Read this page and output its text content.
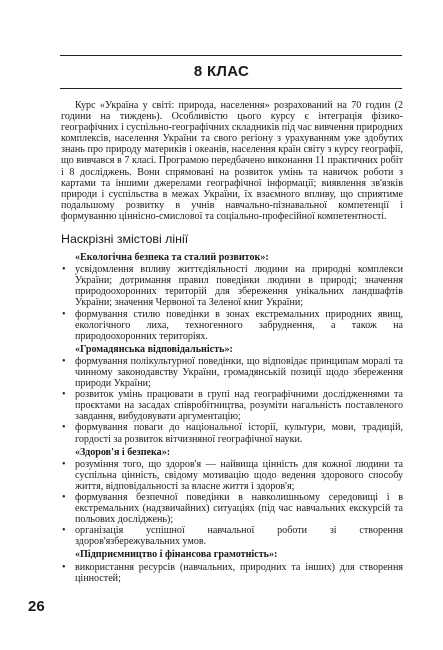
8 КЛАС

Курс «Україна у світі: природа, населення» розрахований на 70 годин (2 години на тиждень). Особливістю цього курсу є інтеграція фізико-географічних і суспільно-географічних складників під час вивчення природних комплексів, населення України та свого регіону з урахуванням уже здобутих знань про природу материків і океанів, населення країн світу з курсу географії, що вивчався в 7 класі. Програмою передбачено виконання 11 практичних робіт і 8 досліджень. Вони спрямовані на розвиток умінь та навичок роботи з картами та іншими джерелами географічної інформації; виявлення зв'язків природи і суспільства в межах України, їх взаємного впливу, що сприятиме подальшому розвитку в учнів навчально-пізнавальної компетенції і формуванню ціннісно-смислової та соціально-професійної компетентності.

Наскрізні змістові лінії
«Екологічна безпека та сталий розвиток»:
• усвідомлення впливу життєдіяльності людини на природні комплекси України; дотримання правил поведінки людини в природі; значення природоохоронних територій для збереження унікальних ландшафтів України; значення Червоної та Зеленої книг України;
• формування стилю поведінки в зонах екстремальних природних явищ, екологічного лиха, техногенного забруднення, а також на природоохоронних територіях.
«Громадянська відповідальність»:
• формування полікультурної поведінки, що відповідає принципам моралі та чинному законодавству України, громадянській позиції щодо збереження природи України;
• розвиток умінь працювати в групі над географічними дослідженнями та проєктами на засадах співробітництва, розуміти нагальність поставленого завдання, вибудовувати аргументацію;
• формування поваги до національної історії, культури, мови, традицій, гордості за розвиток вітчизняної географічної науки.
«Здоров'я і безпека»:
• розуміння того, що здоров'я — найвища цінність для кожної людини та суспільна цінність, свідому мотивацію щодо ведення здорового способу життя, відповідальності за власне життя і здоров'я;
• формування безпечної поведінки в навколишньому середовищі і в екстремальних (надзвичайних) ситуаціях (під час навчальних екскурсій та польових досліджень);
• організація успішної навчальної роботи зі створення здоров'язбережувальних умов.
«Підприємництво і фінансова грамотність»:
• використання ресурсів (навчальних, природних та інших) для створення цінностей;
26
